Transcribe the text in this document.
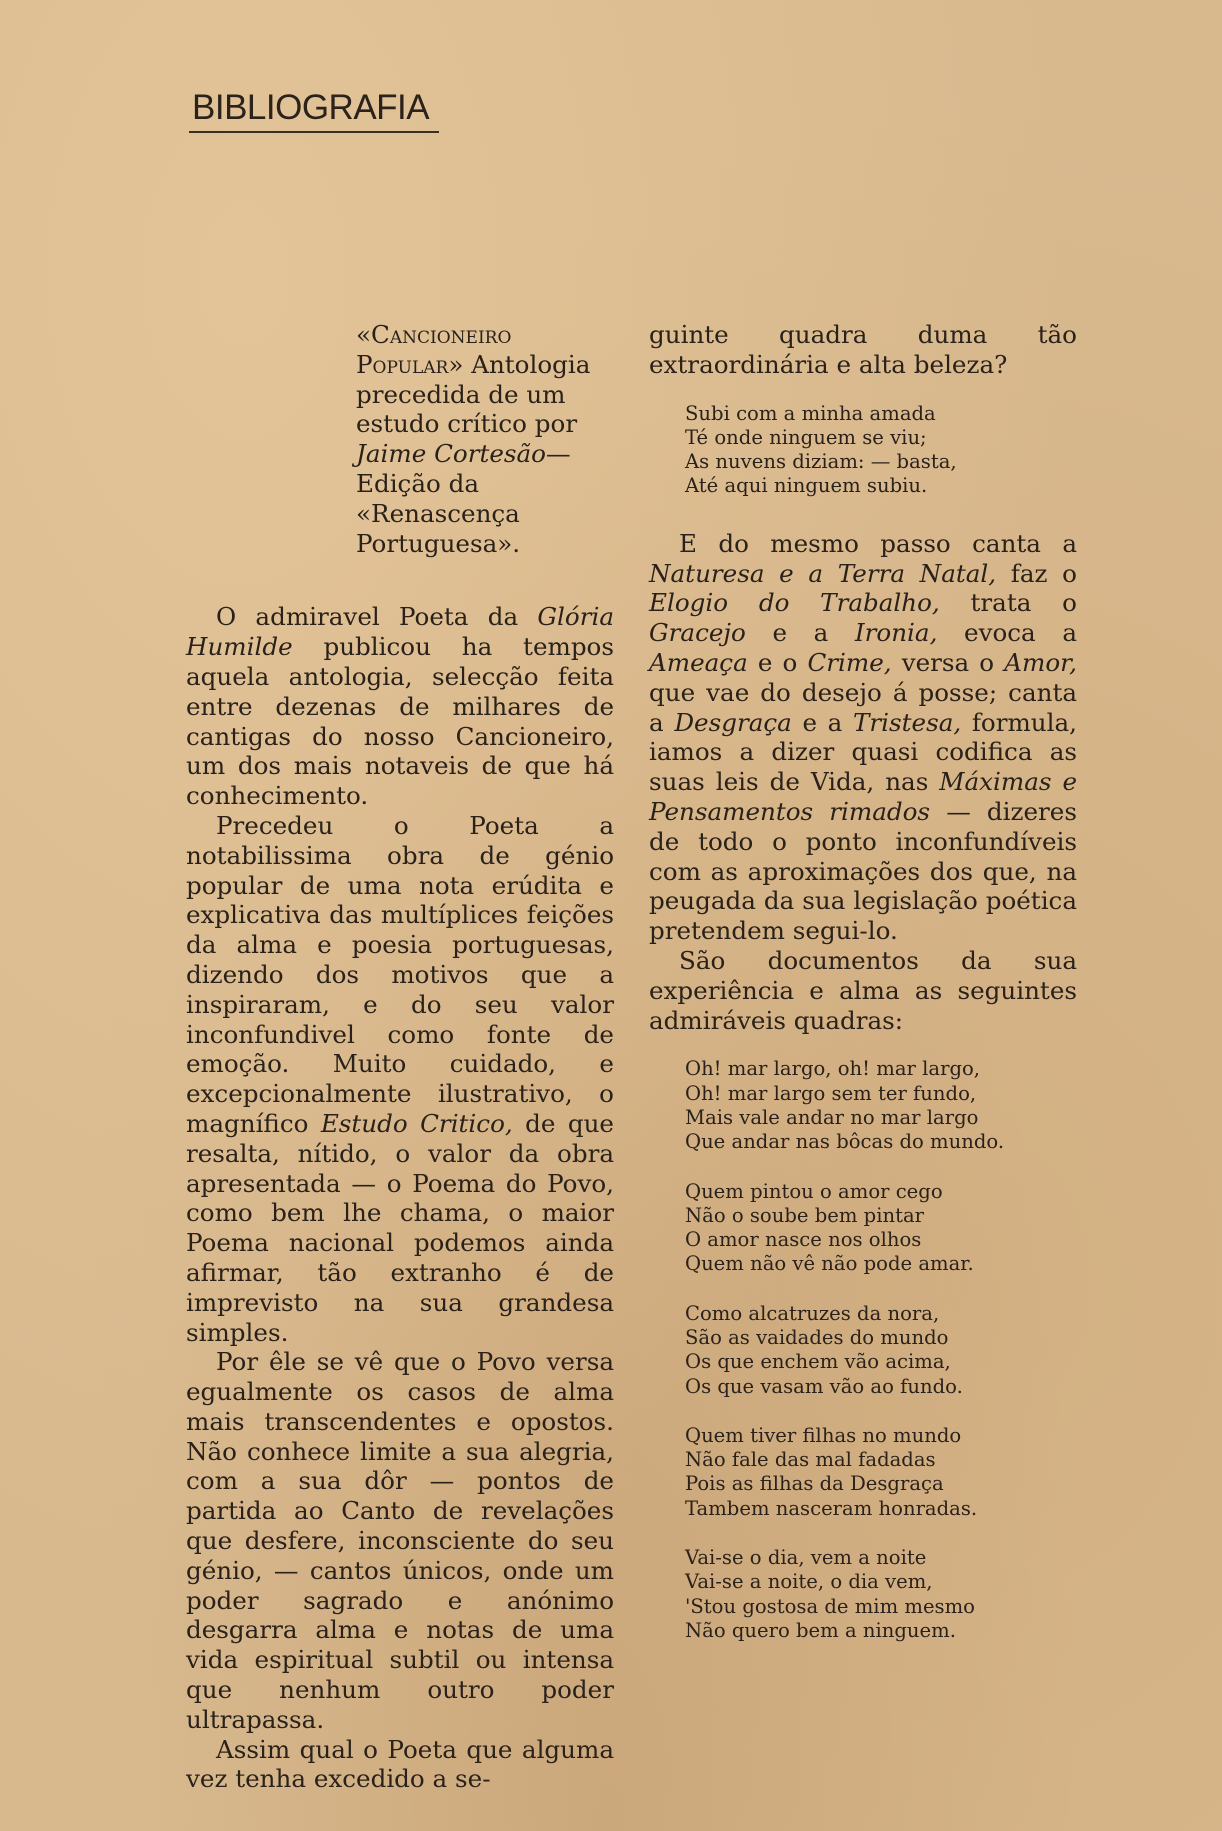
BIBLIOGRAFIA

«Cancioneiro Popular» Antologia precedida de um estudo crítico por Jaime Cortesão—Edição da «Renascença Portuguesa».

O admiravel Poeta da Glória Humilde publicou ha tempos aquela antologia, selecção feita entre dezenas de milhares de cantigas do nosso Cancioneiro, um dos mais notaveis de que há conhecimento.

Precedeu o Poeta a notabilissima obra de génio popular de uma nota erúdita e explicativa das multíplices feições da alma e poesia portuguesas, dizendo dos motivos que a inspiraram, e do seu valor inconfundivel como fonte de emoção. Muito cuidado, e excepcionalmente ilustrativo, o magnífico Estudo Critico, de que resalta, nítido, o valor da obra apresentada — o Poema do Povo, como bem lhe chama, o maior Poema nacional podemos ainda afirmar, tão extranho é de imprevisto na sua grandesa simples.

Por êle se vê que o Povo versa egualmente os casos de alma mais transcendentes e opostos. Não conhece limite a sua alegria, com a sua dôr — pontos de partida ao Canto de revelações que desfere, inconsciente do seu génio, — cantos únicos, onde um poder sagrado e anónimo desgarra alma e notas de uma vida espiritual subtil ou intensa que nenhum outro poder ultrapassa.

Assim qual o Poeta que alguma vez tenha excedido a se-

guinte quadra duma tão extraordinária e alta beleza?

Subi com a minha amada
Té onde ninguem se viu;
As nuvens diziam: — basta,
Até aqui ninguem subiu.

E do mesmo passo canta a Naturesa e a Terra Natal, faz o Elogio do Trabalho, trata o Gracejo e a Ironia, evoca a Ameaça e o Crime, versa o Amor, que vae do desejo á posse; canta a Desgraça e a Tristesa, formula, iamos a dizer quasi codifica as suas leis de Vida, nas Máximas e Pensamentos rimados — dizeres de todo o ponto inconfundíveis com as aproximações dos que, na peugada da sua legislação poética pretendem segui-lo.

São documentos da sua experiência e alma as seguintes admiráveis quadras:

Oh! mar largo, oh! mar largo,
Oh! mar largo sem ter fundo,
Mais vale andar no mar largo
Que andar nas bôcas do mundo.
Quem pintou o amor cego
Não o soube bem pintar
O amor nasce nos olhos
Quem não vê não pode amar.
Como alcatruzes da nora,
São as vaidades do mundo
Os que enchem vão acima,
Os que vasam vão ao fundo.
Quem tiver filhas no mundo
Não fale das mal fadadas
Pois as filhas da Desgraça
Tambem nasceram honradas.
Vai-se o dia, vem a noite
Vai-se a noite, o dia vem,
'Stou gostosa de mim mesmo
Não quero bem a ninguem.
